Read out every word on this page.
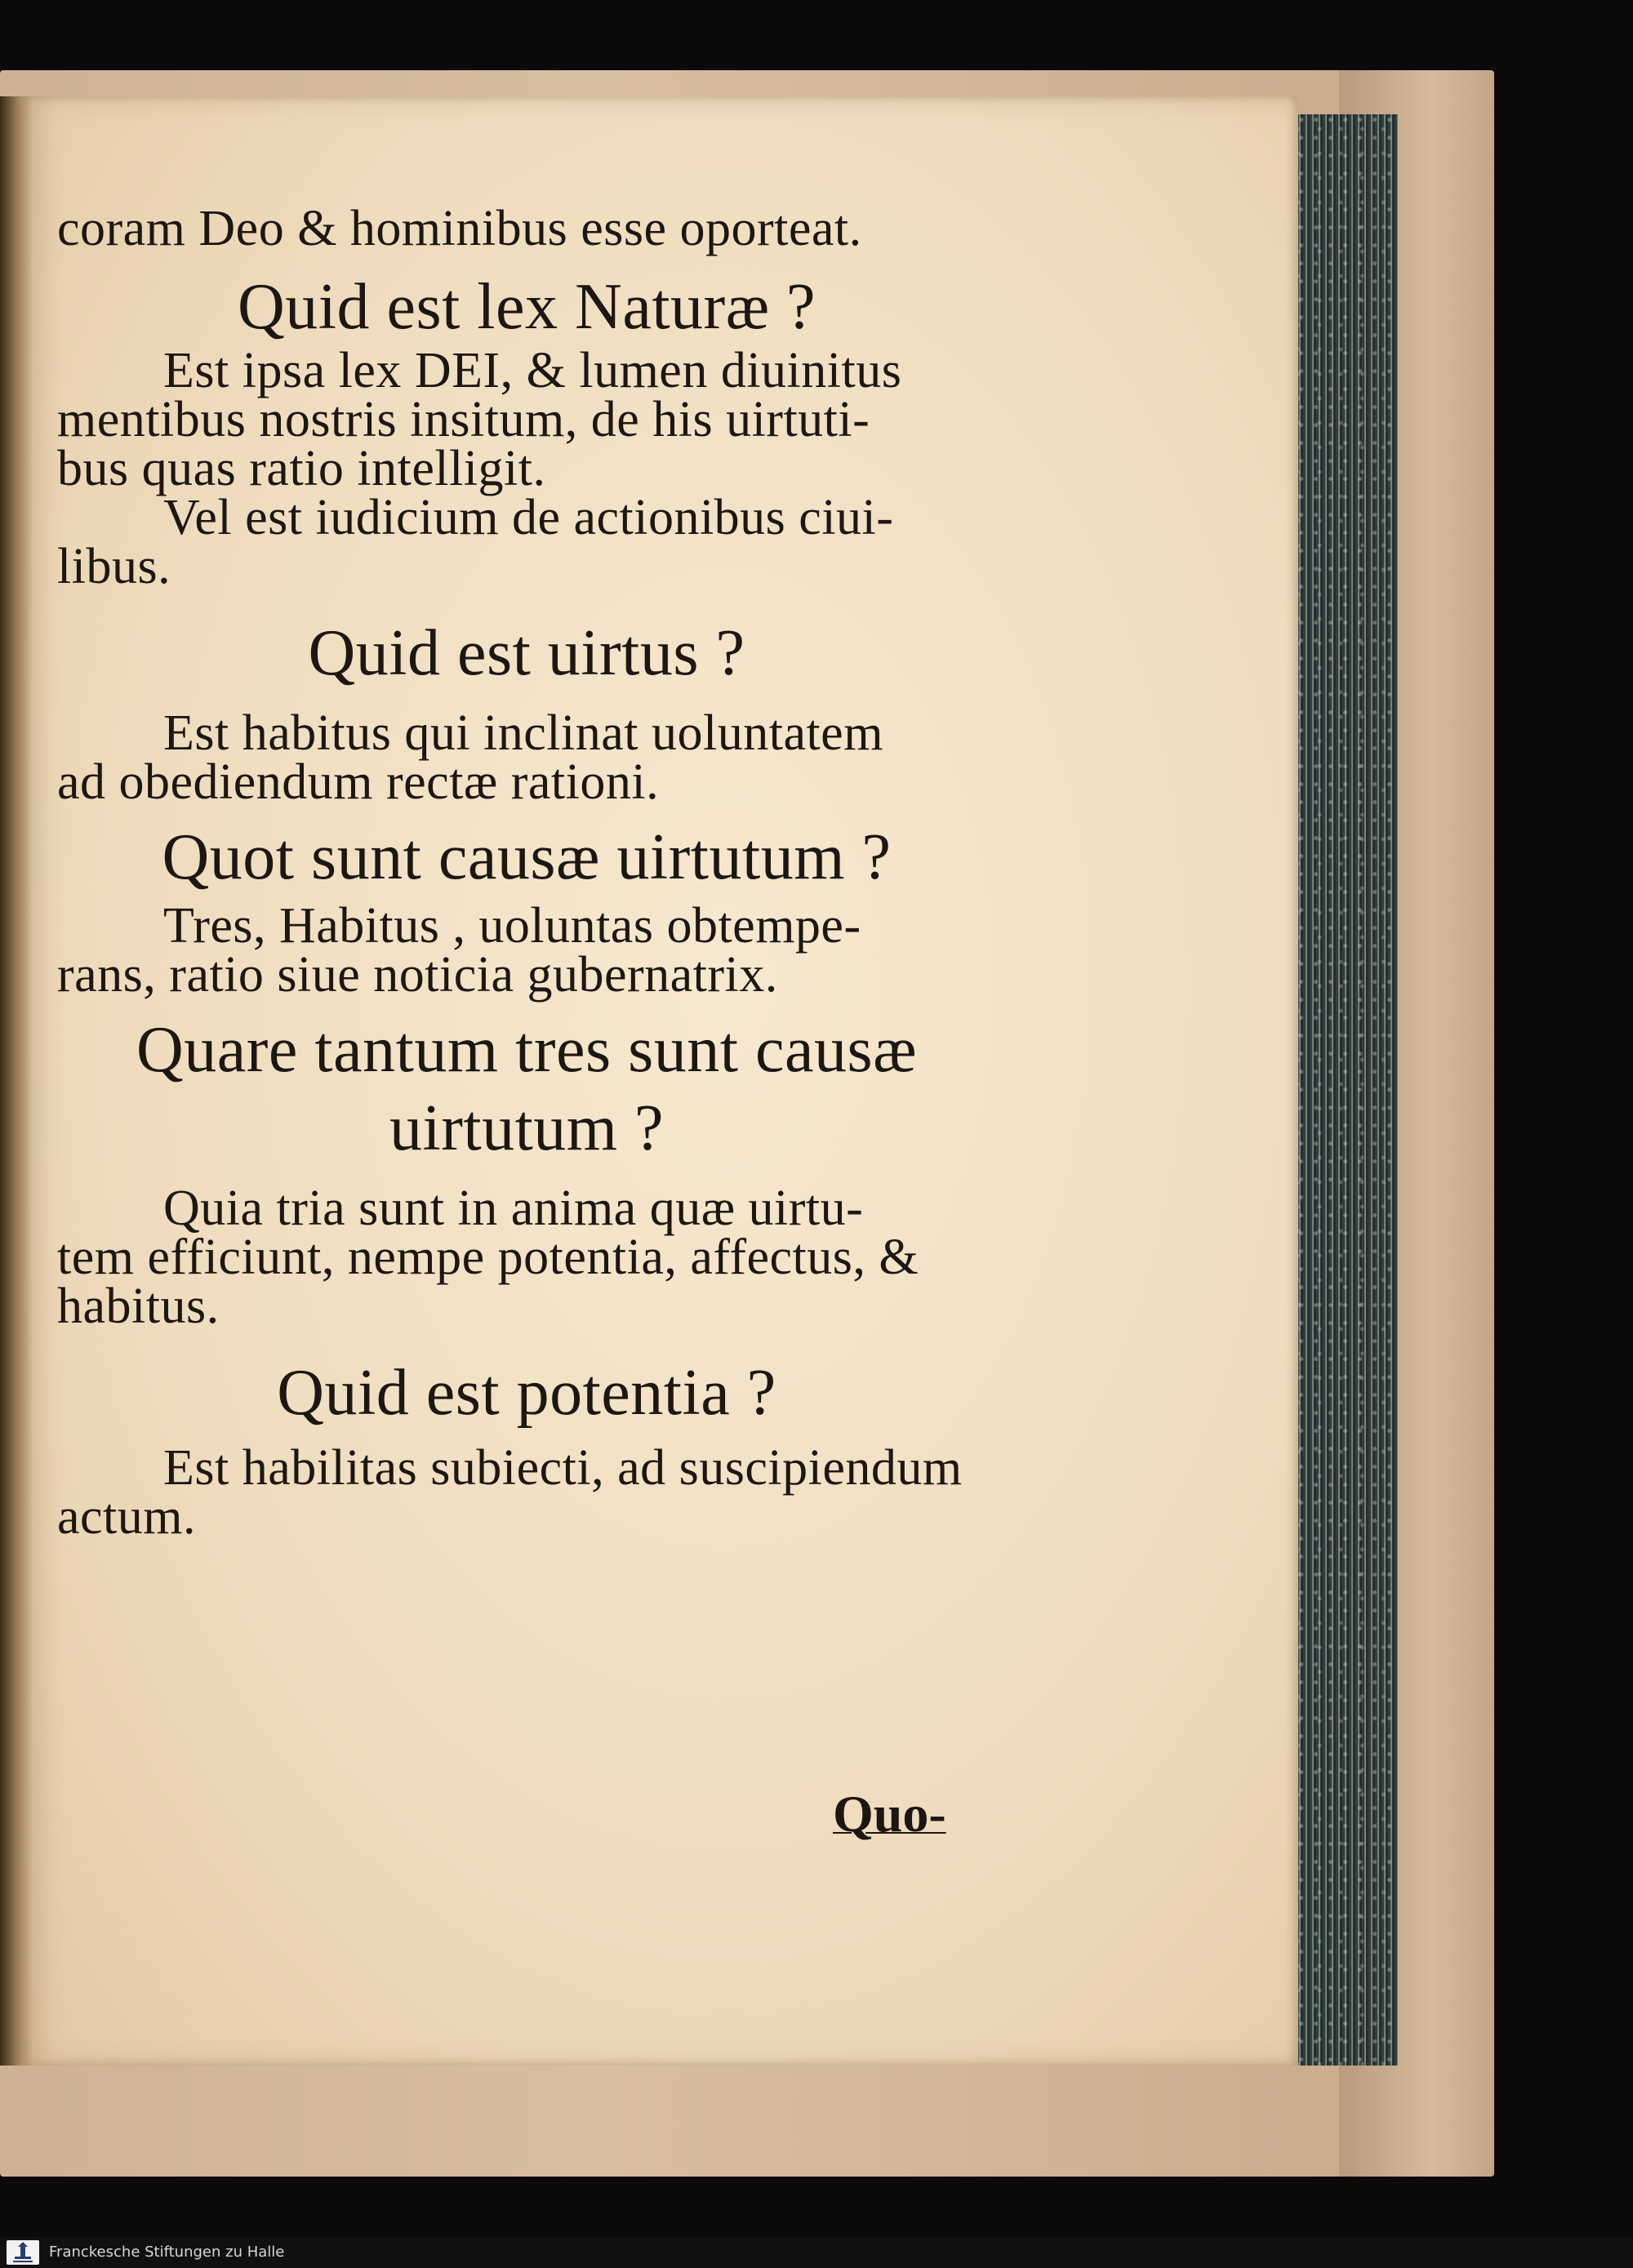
coram Deo & hominibus esse oporteat.
Quid est lex Naturæ ?
Est ipsa lex DEI, & lumen diuinitus
mentibus nostris insitum, de his uirtuti-
bus quas ratio intelligit.
Vel est iudicium de actionibus ciui-
libus.
Quid est uirtus ?
Est habitus qui inclinat uoluntatem
ad obediendum rectæ rationi.
Quot sunt causæ uirtutum ?
Tres, Habitus , uoluntas obtempe-
rans, ratio siue noticia gubernatrix.
Quare tantum tres sunt causæ
uirtutum ?
Quia tria sunt in anima quæ uirtu-
tem efficiunt, nempe potentia, affectus, &
habitus.
Quid est potentia ?
Est habilitas subiecti, ad suscipiendum
actum.
Quo-
Franckesche Stiftungen zu Halle
